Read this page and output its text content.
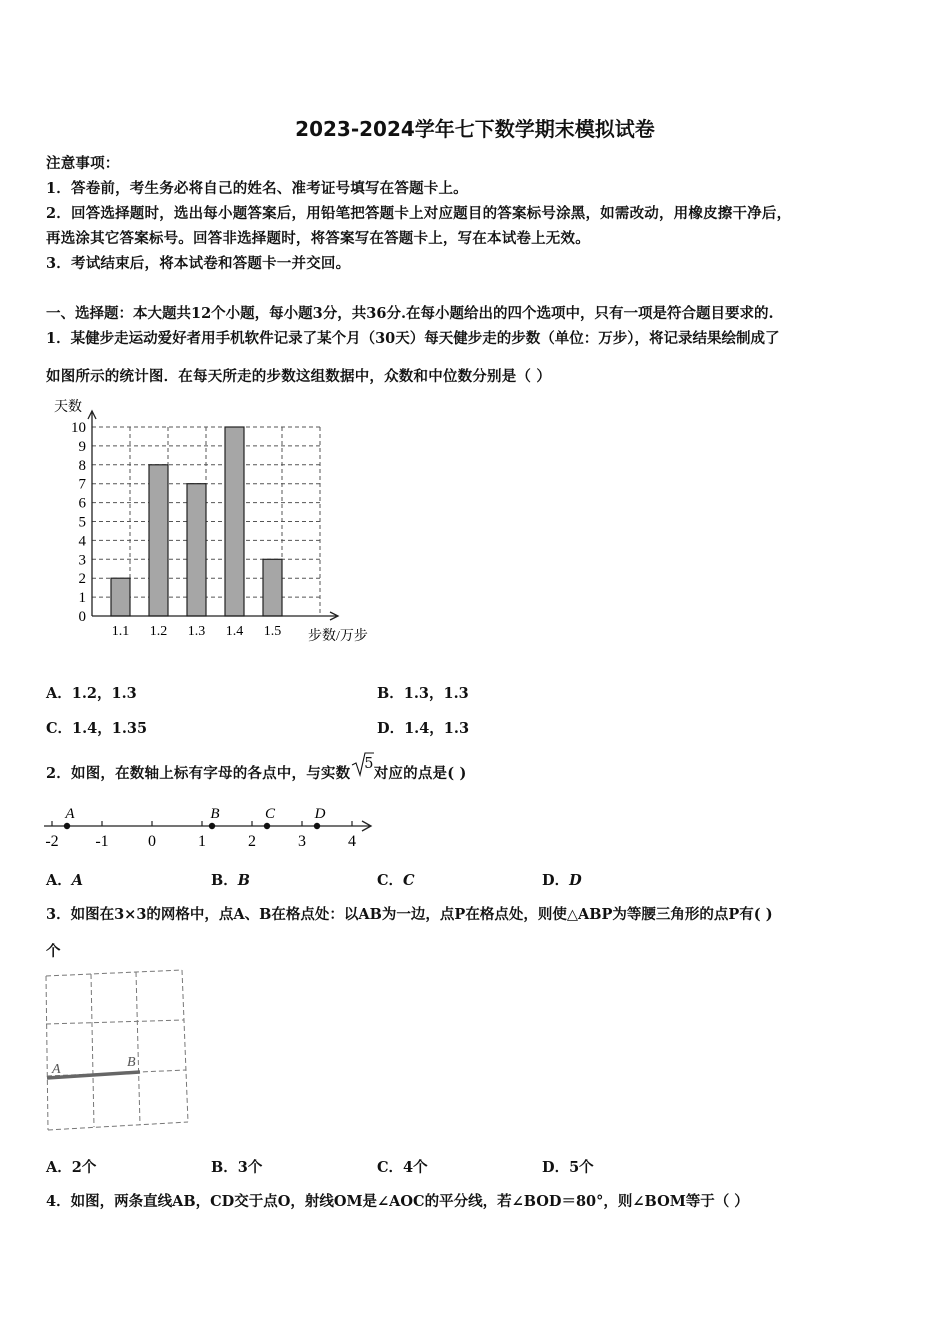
2023-2024学年七下数学期末模拟试卷
注意事项：
1．答卷前，考生务必将自己的姓名、准考证号填写在答题卡上。
2．回答选择题时，选出每小题答案后，用铅笔把答题卡上对应题目的答案标号涂黑，如需改动，用橡皮擦干净后，
再选涂其它答案标号。回答非选择题时，将答案写在答题卡上，写在本试卷上无效。
3．考试结束后，将本试卷和答题卡一并交回。
一、选择题：本大题共12个小题，每小题3分，共36分.在每小题给出的四个选项中，只有一项是符合题目要求的.
1．某健步走运动爱好者用手机软件记录了某个月（30天）每天健步走的步数（单位：万步），将记录结果绘制成了
如图所示的统计图．在每天所走的步数这组数据中，众数和中位数分别是（ ）
1.1 1.2 1.3 1.4 1.5
0
1
2
3
4
5
6
7
8
9
10
天数
步数/万步
A．1.2，1.3	B．1.3，1.3
C．1.4，1.35	D．1.4，1.3
2．如图，在数轴上标有字母的各点中，与实数
5对应的点是( )
-2 -1 0	1	2	3	4
A	B	C	D
A．A	B．B	C．C	D．D
3．如图在3×3的网格中，点A、B在格点处：以AB为一边，点P在格点处，则使△ABP为等腰三角形的点P有( )
个
A	B
A．2个	B．3个	C．4个	D．5个
4．如图，两条直线AB，CD交于点O，射线OM是∠AOC的平分线，若∠BOD＝80°，则∠BOM等于（ ）
